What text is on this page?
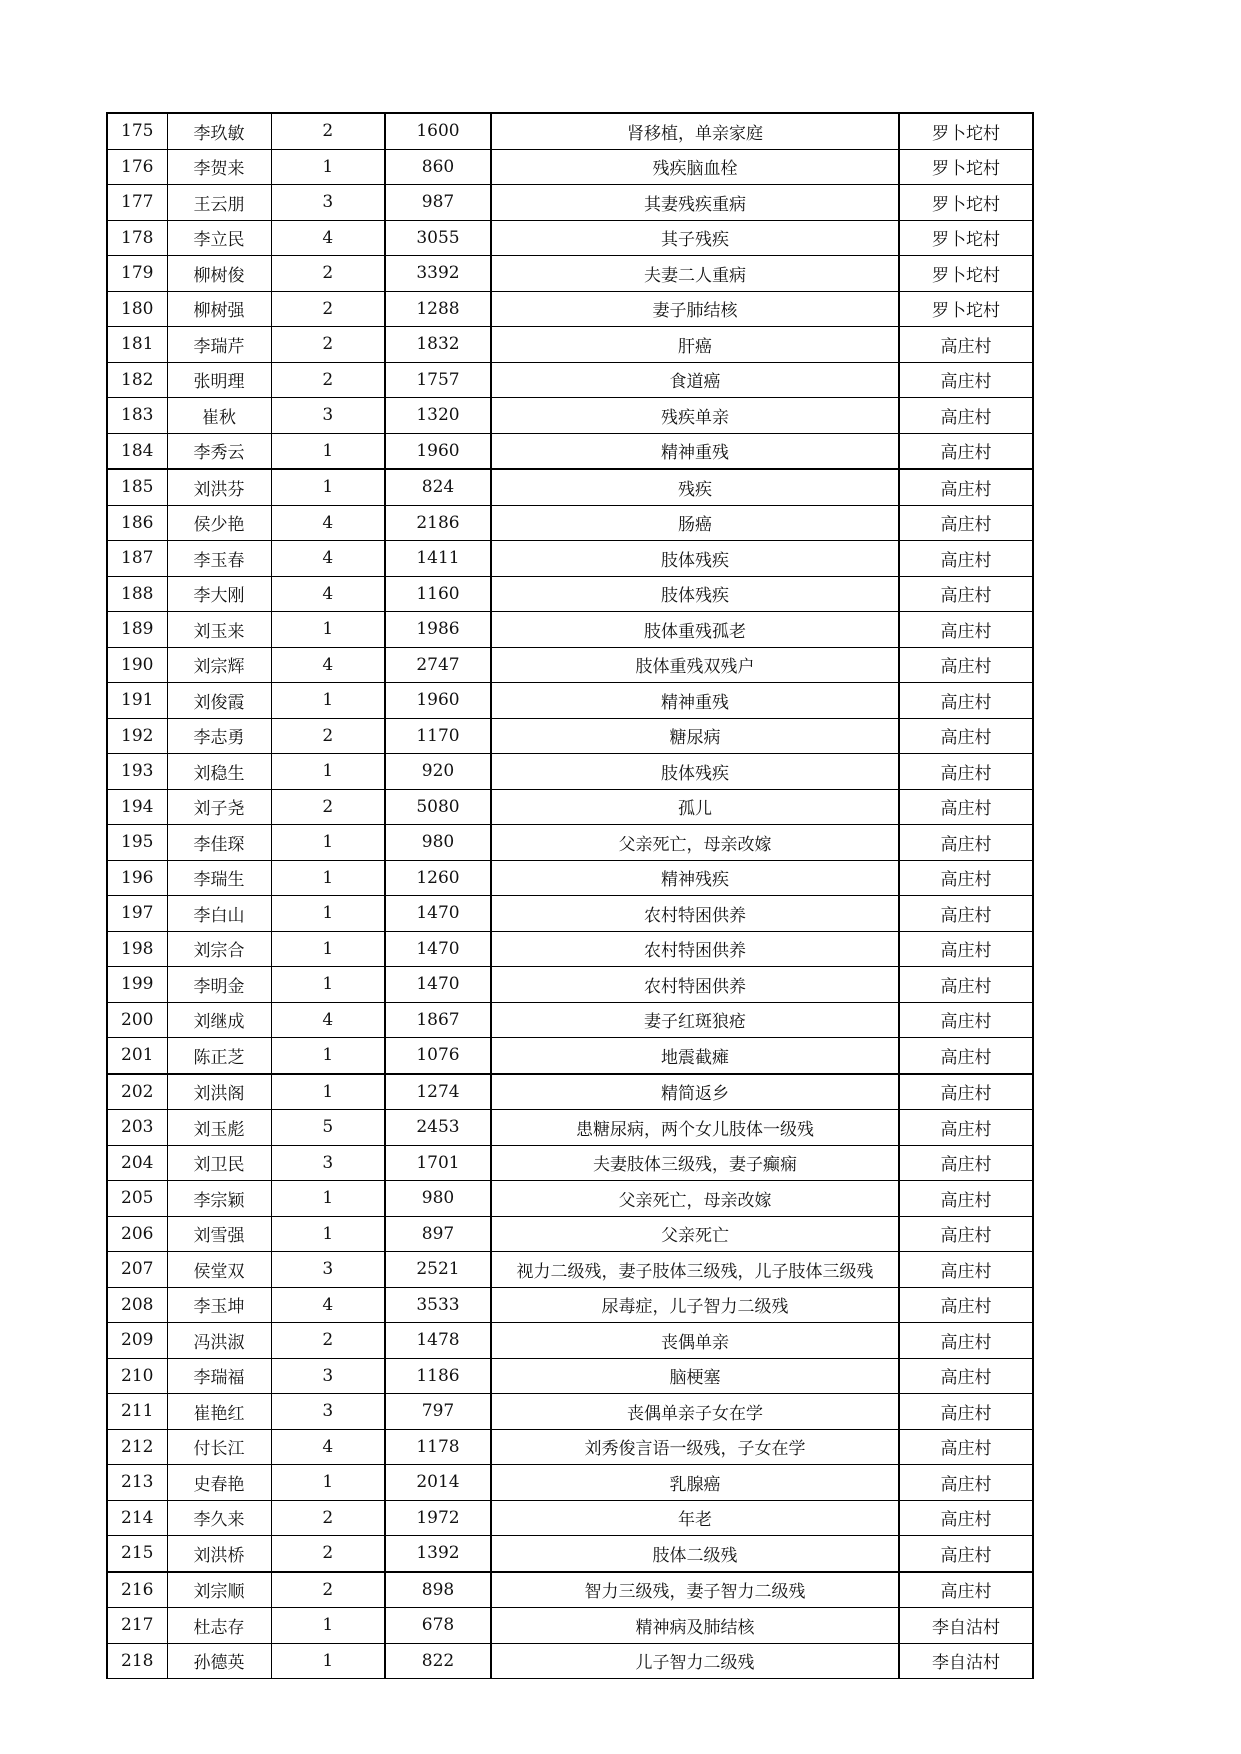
175	李玖敏	2	1600	肾移植，单亲家庭	罗卜坨村
176	李贺来	1	860	残疾脑血栓	罗卜坨村
177	王云朋	3	987	其妻残疾重病	罗卜坨村
178	李立民	4	3055	其子残疾	罗卜坨村
179	柳树俊	2	3392	夫妻二人重病	罗卜坨村
180	柳树强	2	1288	妻子肺结核	罗卜坨村
181	李瑞芹	2	1832	肝癌	高庄村
182	张明理	2	1757	食道癌	高庄村
183	崔秋	3	1320	残疾单亲	高庄村
184	李秀云	1	1960	精神重残	高庄村
185	刘洪芬	1	824	残疾	高庄村
186	侯少艳	4	2186	肠癌	高庄村
187	李玉春	4	1411	肢体残疾	高庄村
188	李大刚	4	1160	肢体残疾	高庄村
189	刘玉来	1	1986	肢体重残孤老	高庄村
190	刘宗辉	4	2747	肢体重残双残户	高庄村
191	刘俊霞	1	1960	精神重残	高庄村
192	李志勇	2	1170	糖尿病	高庄村
193	刘稳生	1	920	肢体残疾	高庄村
194	刘子尧	2	5080	孤儿	高庄村
195	李佳琛	1	980	父亲死亡，母亲改嫁	高庄村
196	李瑞生	1	1260	精神残疾	高庄村
197	李白山	1	1470	农村特困供养	高庄村
198	刘宗合	1	1470	农村特困供养	高庄村
199	李明金	1	1470	农村特困供养	高庄村
200	刘继成	4	1867	妻子红斑狼疮	高庄村
201	陈正芝	1	1076	地震截瘫	高庄村
202	刘洪阁	1	1274	精简返乡	高庄村
203	刘玉彪	5	2453	患糖尿病，两个女儿肢体一级残	高庄村
204	刘卫民	3	1701	夫妻肢体三级残，妻子癫痫	高庄村
205	李宗颖	1	980	父亲死亡，母亲改嫁	高庄村
206	刘雪强	1	897	父亲死亡	高庄村
207	侯堂双	3	2521	视力二级残，妻子肢体三级残，儿子肢体三级残	高庄村
208	李玉坤	4	3533	尿毒症，儿子智力二级残	高庄村
209	冯洪淑	2	1478	丧偶单亲	高庄村
210	李瑞福	3	1186	脑梗塞	高庄村
211	崔艳红	3	797	丧偶单亲子女在学	高庄村
212	付长江	4	1178	刘秀俊言语一级残，子女在学	高庄村
213	史春艳	1	2014	乳腺癌	高庄村
214	李久来	2	1972	年老	高庄村
215	刘洪桥	2	1392	肢体二级残	高庄村
216	刘宗顺	2	898	智力三级残，妻子智力二级残	高庄村
217	杜志存	1	678	精神病及肺结核	李自沽村
218	孙德英	1	822	儿子智力二级残	李自沽村
